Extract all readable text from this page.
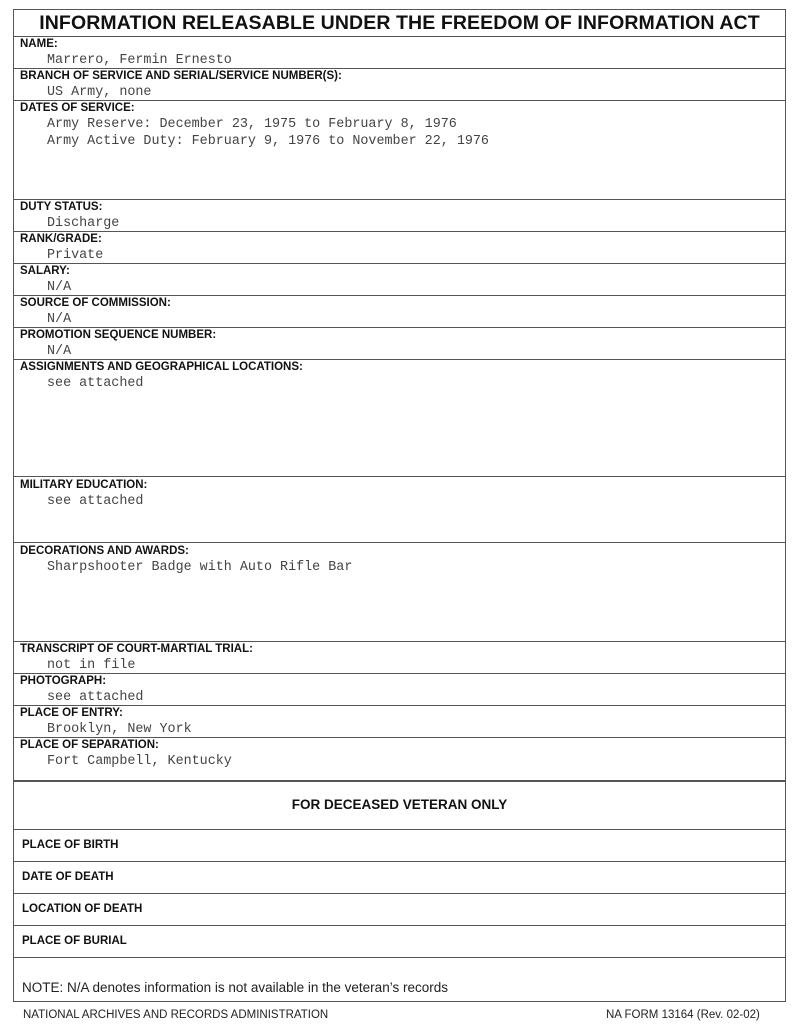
INFORMATION RELEASABLE UNDER THE FREEDOM OF INFORMATION ACT
NAME:
Marrero, Fermin Ernesto
BRANCH OF SERVICE AND SERIAL/SERVICE NUMBER(S):
US Army, none
DATES OF SERVICE:
Army Reserve: December 23, 1975 to February 8, 1976
Army Active Duty: February 9, 1976 to November 22, 1976
DUTY STATUS:
Discharge
RANK/GRADE:
Private
SALARY:
N/A
SOURCE OF COMMISSION:
N/A
PROMOTION SEQUENCE NUMBER:
N/A
ASSIGNMENTS AND GEOGRAPHICAL LOCATIONS:
see attached
MILITARY EDUCATION:
see attached
DECORATIONS AND AWARDS:
Sharpshooter Badge with Auto Rifle Bar
TRANSCRIPT OF COURT-MARTIAL TRIAL:
not in file
PHOTOGRAPH:
see attached
PLACE OF ENTRY:
Brooklyn, New York
PLACE OF SEPARATION:
Fort Campbell, Kentucky
FOR DECEASED VETERAN ONLY
PLACE OF BIRTH
DATE OF DEATH
LOCATION OF DEATH
PLACE OF BURIAL
NOTE: N/A denotes information is not available in the veteran’s records
NATIONAL ARCHIVES AND RECORDS ADMINISTRATION	NA FORM 13164 (Rev. 02-02)
